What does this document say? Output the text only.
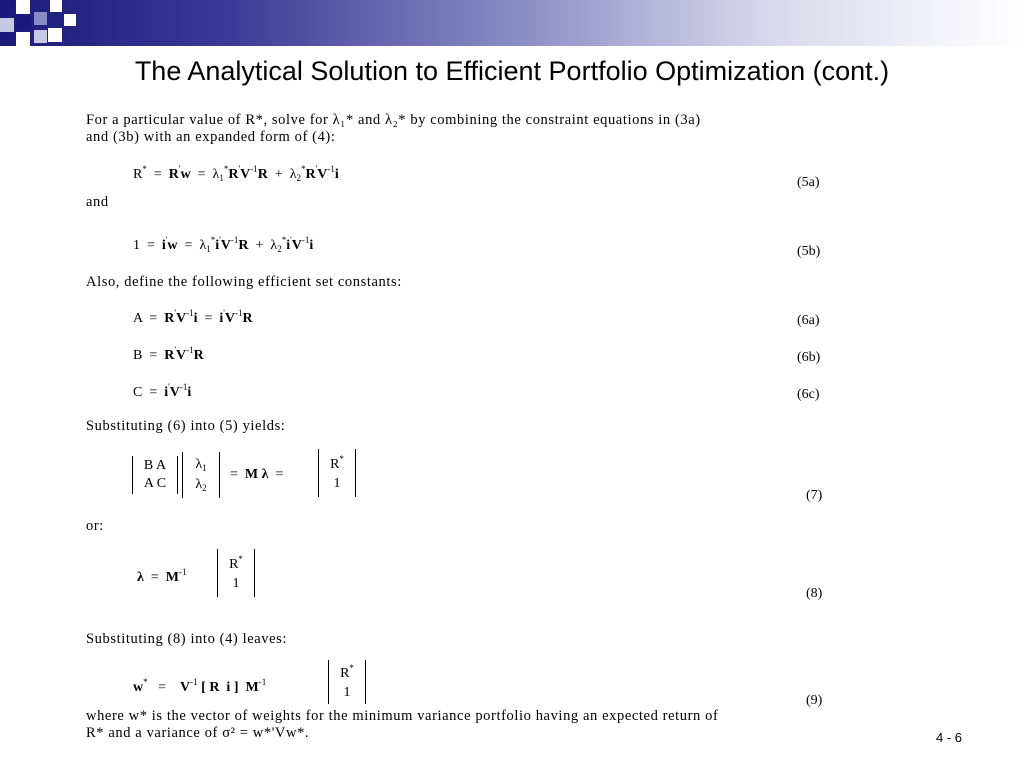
The Analytical Solution to Efficient Portfolio Optimization (cont.)
For a particular value of R*, solve for λ₁* and λ₂* by combining the constraint equations in (3a)
and (3b) with an expanded form of (4):
$R^* = R'w = \lambda_1^*R'V^{-1}R + \lambda_2^*R'V^{-1}i$
(5a)
and
$1 = i'w = \lambda_1^*i'V^{-1}R + \lambda_2^*i'V^{-1}i$	(5b)
Also, define the following efficient set constants:
$A = R'V^{-1}i = i'V^{-1}R$	(6a)
$B = R'V^{-1}R$	(6b)
$C = i'V^{-1}i$	(6c)
Substituting (6) into (5) yields:
B A
A C
$\lambda_1$
$\lambda_2$
=  M λ  =
R*
1
(7)
or:
$\lambda = M^{-1}$
R*
1
(8)
Substituting (8) into (4) leaves:
w*   =    $V^{-1}$ [ R  i ] $M^{-1}$
R*
1
(9)
where w* is the vector of weights for the minimum variance portfolio having an expected return of
R* and a variance of σ² = w*'Vw*.	4 - 6
